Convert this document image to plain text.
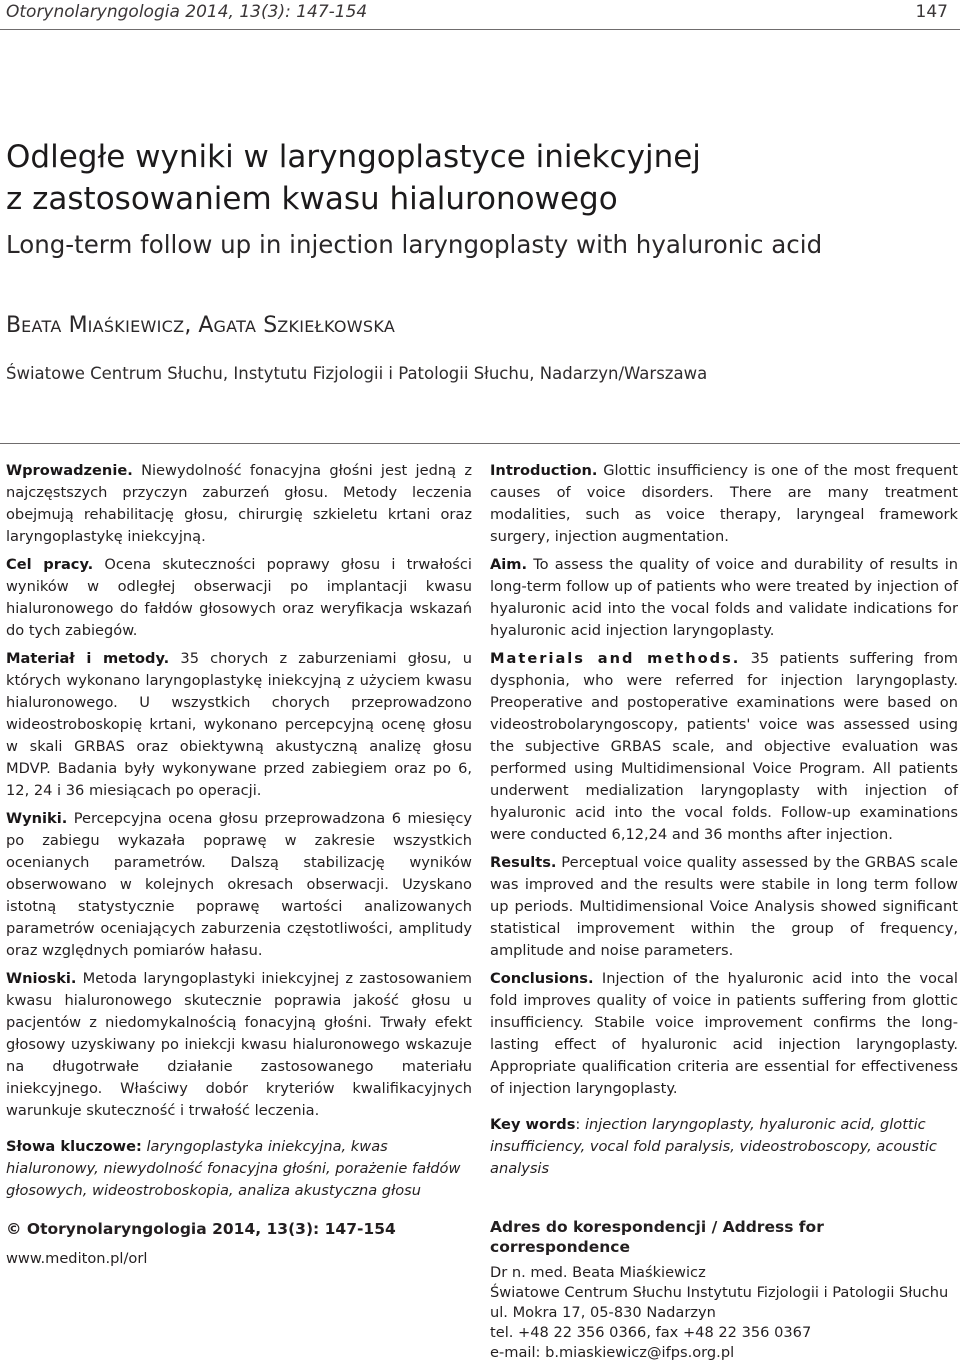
Otorynolaryngologia 2014, 13(3): 147-154	147
Odległe wyniki w laryngoplastyce iniekcyjnej
z zastosowaniem kwasu hialuronowego
Long-term follow up in injection laryngoplasty with hyaluronic acid
BEATA MIAŚKIEWICZ, AGATA SZKIEŁKOWSKA
Światowe Centrum Słuchu, Instytutu Fizjologii i Patologii Słuchu, Nadarzyn/Warszawa

Wprowadzenie. Niewydolność fonacyjna głośni jest jedną z najczęstszych przyczyn zaburzeń głosu. Metody leczenia obejmują rehabilitację głosu, chirurgię szkieletu krtani oraz laryngoplastykę iniekcyjną.

Cel pracy. Ocena skuteczności poprawy głosu i trwałości wyników w odległej obserwacji po implantacji kwasu hialuronowego do fałdów głosowych oraz weryfikacja wskazań do tych zabiegów.

Materiał i metody. 35 chorych z zaburzeniami głosu, u których wykonano laryngoplastykę iniekcyjną z użyciem kwasu hialuronowego. U wszystkich chorych przeprowadzono wideostroboskopię krtani, wykonano percepcyjną ocenę głosu w skali GRBAS oraz obiektywną akustyczną analizę głosu MDVP. Badania były wykonywane przed zabiegiem oraz po 6, 12, 24 i 36 miesiącach po operacji.

Wyniki. Percepcyjna ocena głosu przeprowadzona 6 miesięcy po zabiegu wykazała poprawę w zakresie wszystkich ocenianych parametrów. Dalszą stabilizację wyników obserwowano w kolejnych okresach obserwacji. Uzyskano istotną statystycznie poprawę wartości analizowanych parametrów oceniających zaburzenia częstotliwości, amplitudy oraz względnych pomiarów hałasu.

Wnioski. Metoda laryngoplastyki iniekcyjnej z zastosowaniem kwasu hialuronowego skutecznie poprawia jakość głosu u pacjentów z niedomykalnością fonacyjną głośni. Trwały efekt głosowy uzyskiwany po iniekcji kwasu hialuronowego wskazuje na długotrwałe działanie zastosowanego materiału iniekcyjnego. Właściwy dobór kryteriów kwalifikacyjnych warunkuje skuteczność i trwałość leczenia.

Słowa kluczowe: laryngoplastyka iniekcyjna, kwas hialuronowy, niewydolność fonacyjna głośni, porażenie fałdów głosowych, wideostroboskopia, analiza akustyczna głosu

Introduction. Glottic insufficiency is one of the most frequent causes of voice disorders. There are many treatment modalities, such as voice therapy, laryngeal framework surgery, injection augmentation.

Aim. To assess the quality of voice and durability of results in long-term follow up of patients who were treated by injection of hyaluronic acid into the vocal folds and validate indications for hyaluronic acid injection laryngoplasty.

Materials and methods. 35 patients suffering from dysphonia, who were referred for injection laryngoplasty. Preoperative and postoperative examinations were based on videostrobolaryngoscopy, patients' voice was assessed using the subjective GRBAS scale, and objective evaluation was performed using Multidimensional Voice Program. All patients underwent medialization laryngoplasty with injection of hyaluronic acid into the vocal folds. Follow-up examinations were conducted 6,12,24 and 36 months after injection.

Results. Perceptual voice quality assessed by the GRBAS scale was improved and the results were stabile in long term follow up periods. Multidimensional Voice Analysis showed significant statistical improvement within the group of frequency, amplitude and noise parameters.

Conclusions. Injection of the hyaluronic acid into the vocal fold improves quality of voice in patients suffering from glottic insufficiency. Stabile voice improvement confirms the long-lasting effect of hyaluronic acid injection laryngoplasty. Appropriate qualification criteria are essential for effectiveness of injection laryngoplasty.

Key words: injection laryngoplasty, hyaluronic acid, glottic insufficiency, vocal fold paralysis, videostroboscopy, acoustic analysis

© Otorynolaryngologia 2014, 13(3): 147-154
www.mediton.pl/orl
Adres do korespondencji / Address for correspondence
Dr n. med. Beata Miaśkiewicz
Światowe Centrum Słuchu Instytutu Fizjologii i Patologii Słuchu
ul. Mokra 17, 05-830 Nadarzyn
tel. +48 22 356 0366, fax +48 22 356 0367
e-mail: b.miaskiewicz@ifps.org.pl
